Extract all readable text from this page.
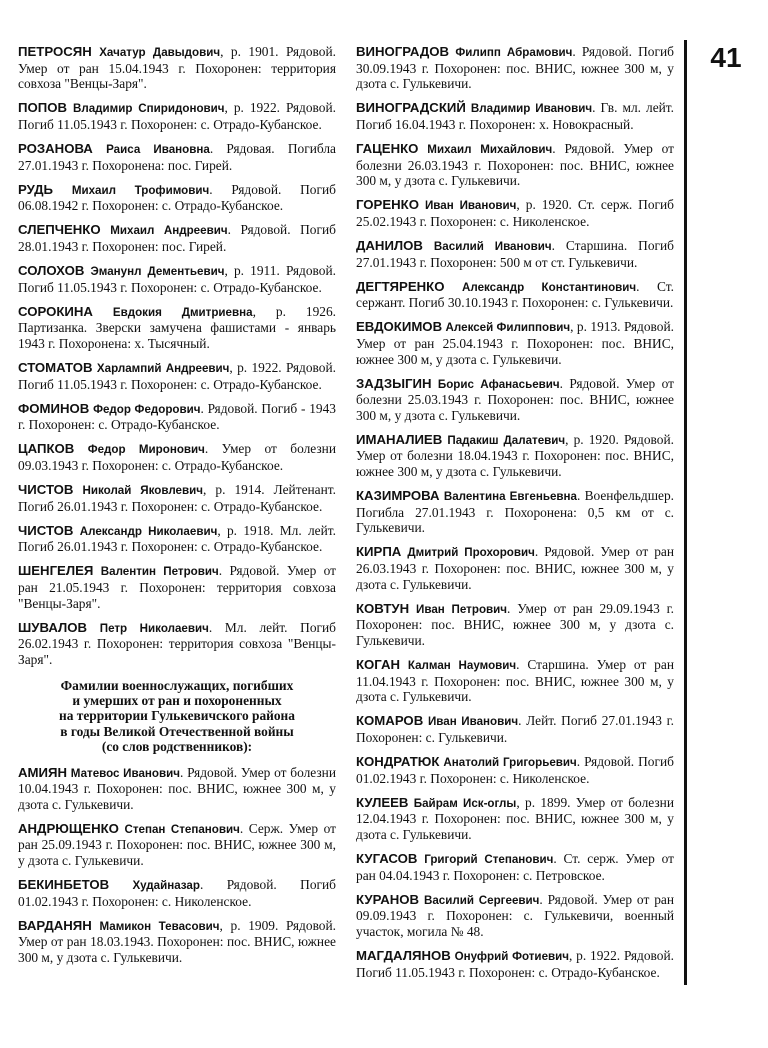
ПЕТРОСЯН Хачатур Давыдович, р. 1901. Рядовой. Умер от ран 15.04.1943 г. Похоронен: территория совхоза "Венцы-Заря".
ПОПОВ Владимир Спиридонович, р. 1922. Рядовой. Погиб 11.05.1943 г. Похоронен: с. Отрадо-Кубанское.
РОЗАНОВА Раиса Ивановна. Рядовая. Погибла 27.01.1943 г. Похоронена: пос. Гирей.
РУДЬ Михаил Трофимович. Рядовой. Погиб 06.08.1942 г. Похоронен: с. Отрадо-Кубанское.
СЛЕПЧЕНКО Михаил Андреевич. Рядовой. Погиб 28.01.1943 г. Похоронен: пос. Гирей.
СОЛОХОВ Эманунл Дементьевич, р. 1911. Рядовой. Погиб 11.05.1943 г. Похоронен: с. Отрадо-Кубанское.
СОРОКИНА Евдокия Дмитриевна, р. 1926. Партизанка. Зверски замучена фашистами - январь 1943 г. Похоронена: х. Тысячный.
СТОМАТОВ Харлампий Андреевич, р. 1922. Рядовой. Погиб 11.05.1943 г. Похоронен: с. Отрадо-Кубанское.
ФОМИНОВ Федор Федорович. Рядовой. Погиб - 1943 г. Похоронен: с. Отрадо-Кубанское.
ЦАПКОВ Федор Миронович. Умер от болезни 09.03.1943 г. Похоронен: с. Отрадо-Кубанское.
ЧИСТОВ Николай Яковлевич, р. 1914. Лейтенант. Погиб 26.01.1943 г. Похоронен: с. Отрадо-Кубанское.
ЧИСТОВ Александр Николаевич, р. 1918. Мл. лейт. Погиб 26.01.1943 г. Похоронен: с. Отрадо-Кубанское.
ШЕНГЕЛЕЯ Валентин Петрович. Рядовой. Умер от ран 21.05.1943 г. Похоронен: территория совхоза "Венцы-Заря".
ШУВАЛОВ Петр Николаевич. Мл. лейт. Погиб 26.02.1943 г. Похоронен: территория совхоза "Венцы-Заря".
Фамилии военнослужащих, погибших
и умерших от ран и похороненных
на территории Гулькевичского района
в годы Великой Отечественной войны
(со слов родственников):
АМИЯН Матевос Иванович. Рядовой. Умер от болезни 10.04.1943 г. Похоронен: пос. ВНИС, южнее 300 м, у дзота с. Гулькевичи.
АНДРЮЩЕНКО Степан Степанович. Серж. Умер от ран 25.09.1943 г. Похоронен: пос. ВНИС, южнее 300 м, у дзота с. Гулькевичи.
БЕКИНБЕТОВ Худайназар. Рядовой. Погиб 01.02.1943 г. Похоронен: с. Николенское.
ВАРДАНЯН Мамикон Тевасович, р. 1909. Рядовой. Умер от ран 18.03.1943. Похоронен: пос. ВНИС, южнее 300 м, у дзота с. Гулькевичи.
ВИНОГРАДОВ Филипп Абрамович. Рядовой. Погиб 30.09.1943 г. Похоронен: пос. ВНИС, южнее 300 м, у дзота с. Гулькевичи.
ВИНОГРАДСКИЙ Владимир Иванович. Гв. мл. лейт. Погиб 16.04.1943 г. Похоронен: х. Новокрасный.
ГАЦЕНКО Михаил Михайлович. Рядовой. Умер от болезни 26.03.1943 г. Похоронен: пос. ВНИС, южнее 300 м, у дзота с. Гулькевичи.
ГОРЕНКО Иван Иванович, р. 1920. Ст. серж. Погиб 25.02.1943 г. Похоронен: с. Николенское.
ДАНИЛОВ Василий Иванович. Старшина. Погиб 27.01.1943 г. Похоронен: 500 м от ст. Гулькевичи.
ДЕГТЯРЕНКО Александр Константинович. Ст. сержант. Погиб 30.10.1943 г. Похоронен: с. Гулькевичи.
ЕВДОКИМОВ Алексей Филиппович, р. 1913. Рядовой. Умер от ран 25.04.1943 г. Похоронен: пос. ВНИС, южнее 300 м, у дзота с. Гулькевичи.
ЗАДЗЫГИН Борис Афанасьевич. Рядовой. Умер от болезни 25.03.1943 г. Похоронен: пос. ВНИС, южнее 300 м, у дзота с. Гулькевичи.
ИМАНАЛИЕВ Падакиш Далатевич, р. 1920. Рядовой. Умер от болезни 18.04.1943 г. Похоронен: пос. ВНИС, южнее 300 м, у дзота с. Гулькевичи.
КАЗИМРОВА Валентина Евгеньевна. Военфельдшер. Погибла 27.01.1943 г. Похоронена: 0,5 км от с. Гулькевичи.
КИРПА Дмитрий Прохорович. Рядовой. Умер от ран 26.03.1943 г. Похоронен: пос. ВНИС, южнее 300 м, у дзота с. Гулькевичи.
КОВТУН Иван Петрович. Умер от ран 29.09.1943 г. Похоронен: пос. ВНИС, южнее 300 м, у дзота с. Гулькевичи.
КОГАН Калман Наумович. Старшина. Умер от ран 11.04.1943 г. Похоронен: пос. ВНИС, южнее 300 м, у дзота с. Гулькевичи.
КОМАРОВ Иван Иванович. Лейт. Погиб 27.01.1943 г. Похоронен: с. Гулькевичи.
КОНДРАТЮК Анатолий Григорьевич. Рядовой. Погиб 01.02.1943 г. Похоронен: с. Николенское.
КУЛЕЕВ Байрам Иск-оглы, р. 1899. Умер от болезни 12.04.1943 г. Похоронен: пос. ВНИС, южнее 300 м, у дзота с. Гулькевичи.
КУГАСОВ Григорий Степанович. Ст. серж. Умер от ран 04.04.1943 г. Похоронен: с. Петровское.
КУРАНОВ Василий Сергеевич. Рядовой. Умер от ран 09.09.1943 г. Похоронен: с. Гулькевичи, военный участок, могила № 48.
МАГДАЛЯНОВ Онуфрий Фотиевич, р. 1922. Рядовой. Погиб 11.05.1943 г. Похоронен: с. Отрадо-Кубанское.
41
